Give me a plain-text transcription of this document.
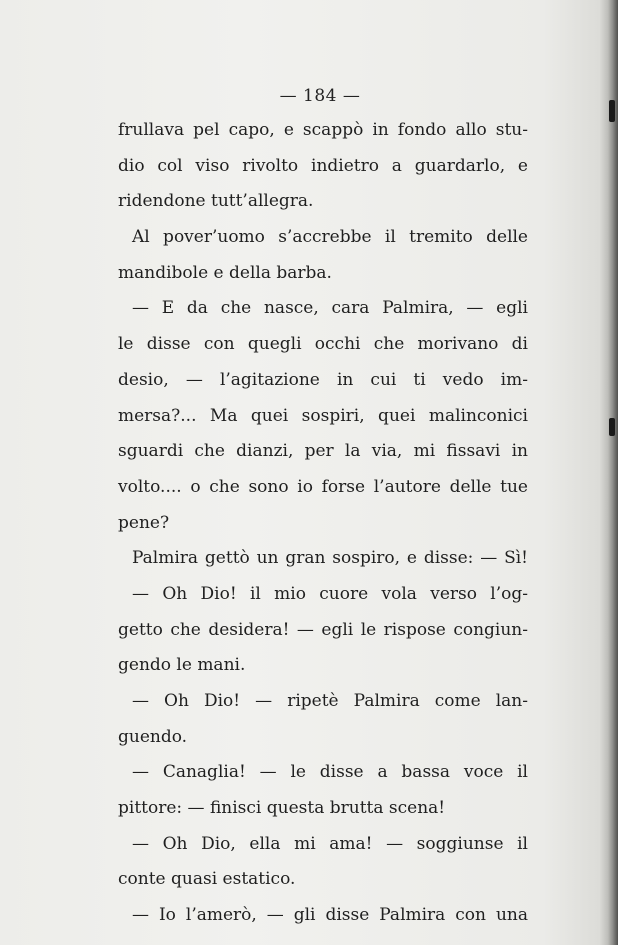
— 184 —
frullava pel capo, e scappò in fondo allo stu-
dio col viso rivolto indietro a guardarlo, e
ridendone tutt’allegra.
Al pover’uomo s’accrebbe il tremito delle
mandibole e della barba.
— E da che nasce, cara Palmira, — egli
le disse con quegli occhi che morivano di
desio, — l’agitazione in cui ti vedo im-
mersa?... Ma quei sospiri, quei malinconici
sguardi che dianzi, per la via, mi fissavi in
volto.... o che sono io forse l’autore delle tue
pene?
Palmira gettò un gran sospiro, e disse: — Sì!
— Oh Dio! il mio cuore vola verso l’og-
getto che desidera! — egli le rispose congiun-
gendo le mani.
— Oh Dio! — ripetè Palmira come lan-
guendo.
— Canaglia! — le disse a bassa voce il
pittore: — finisci questa brutta scena!
— Oh Dio, ella mi ama! — soggiunse il
conte quasi estatico.
— Io l’amerò, — gli disse Palmira con una
